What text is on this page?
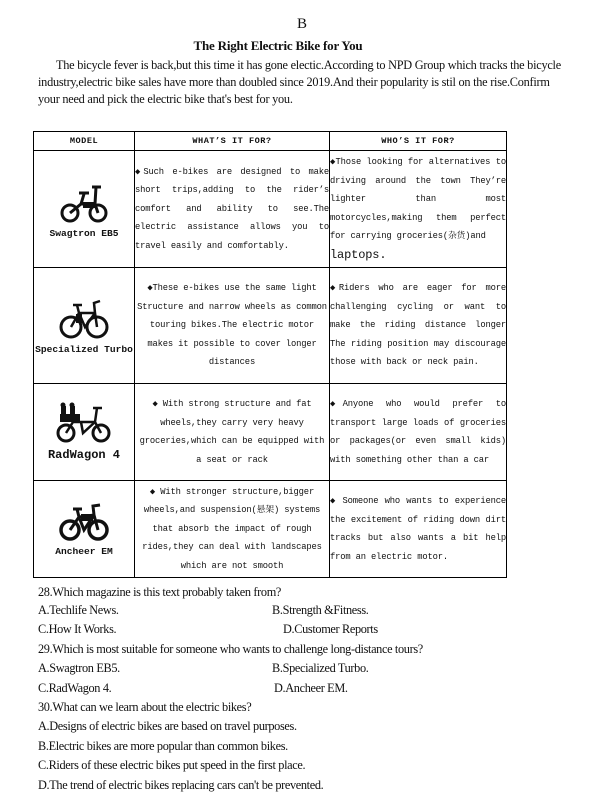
B
The Right Electric Bike for You

The bicycle fever is back,but this time it has gone electic.According to NPD Group which tracks the bicycle industry,electric bike sales have more than doubled since 2019.And their popularity is stil on the rise.Confirm your need and pick the electric bike that's best for you.

MODEL	WHAT’S IT FOR?	WHO’S IT FOR?

Swagtron EB5	◆Such e-bikes are designed to make short trips,adding to the rider’s comfort and ability to see.The electric assistance allows you to travel easily and comfortably.	◆Those looking for alternatives to driving around the town They’re lighter than most motorcycles,making them perfect for carrying groceries(杂货)and
laptops.

Specialized Turbo	◆These e-bikes use the same light Structure and narrow wheels as common touring bikes.The electric motor makes it possible to cover longer distances	◆Riders who are eager for more challenging cycling or want to make the riding distance longer The riding position may discourage those with back or neck pain.

RadWagon 4	◆ With strong structure and fat wheels,they carry very heavy groceries,which can be equipped with a seat or rack	◆Anyone who would prefer to transport large loads of groceries or packages(or even small kids) with something other than a car

Ancheer EM	◆ With stronger structure,bigger wheels,and suspension(悬架) systems that absorb the impact of rough rides,they can deal with landscapes which are not smooth	◆ Someone who wants to experience the excitement of riding down dirt tracks but also wants a bit help from an electric motor.
28.Which magazine is this text probably taken from?
A.Techlife News.	B.Strength &Fitness.
C.How It Works.	D.Customer Reports
29.Which is most suitable for someone who wants to challenge long-distance tours?
A.Swagtron EB5.	B.Specialized Turbo.
C.RadWagon 4.	D.Ancheer EM.
30.What can we learn about the electric bikes?
A.Designs of electric bikes are based on travel purposes.
B.Electric bikes are more popular than common bikes.
C.Riders of these electric bikes put speed in the first place.
D.The trend of electric bikes replacing cars can't be prevented.
